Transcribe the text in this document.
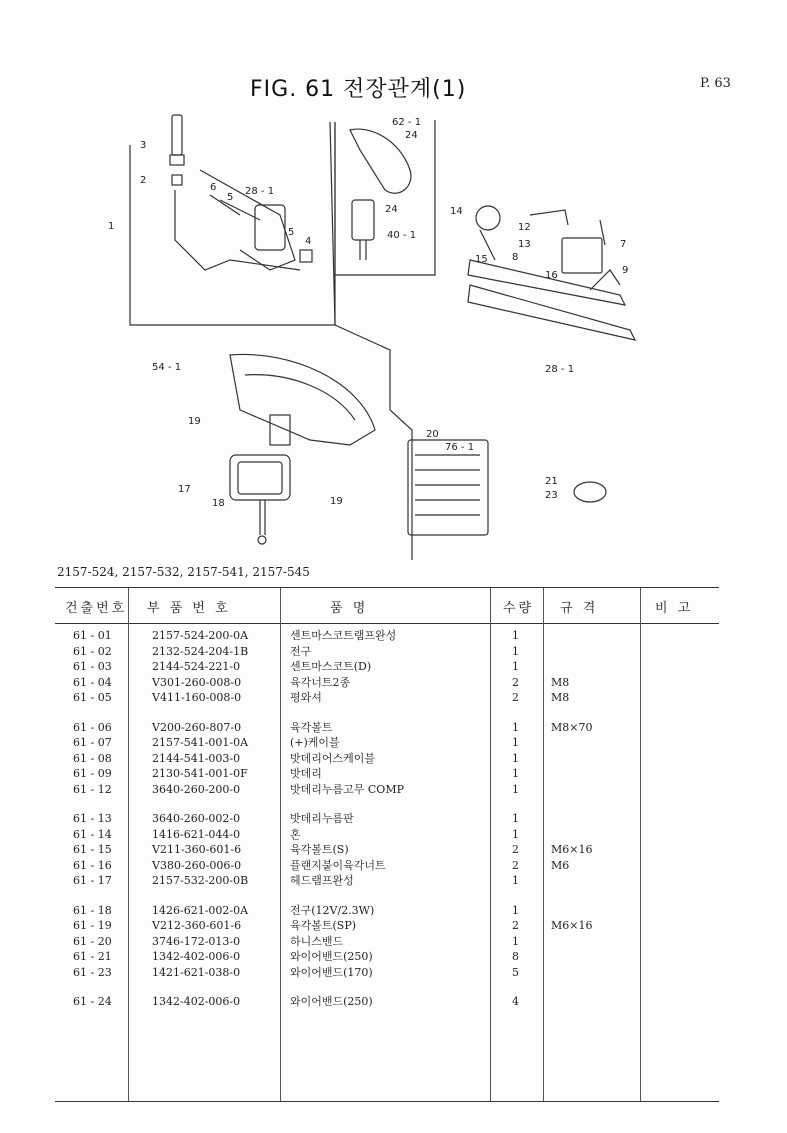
FIG. 61 전장관계(1)	P. 63
3
2
1
6
5
28 - 1
5
4
62 - 1
24
24
40 - 1
14
12
13
8
16
7
9
15
28 - 1
54 - 1
19
17
18	19
20
76 - 1
21
23
2157-524, 2157-532, 2157-541, 2157-545
건출번호 부 품 번 호	품 명	수량 규 격	비 고
61 - 01	2157-524-200-0A	센트마스코트램프완성	1
61 - 02	2132-524-204-1B	전구	1
61 - 03	2144-524-221-0	센트마스코트(D)	1
61 - 04	V301-260-008-0	육각너트2종	2	M8
61 - 05	V411-160-008-0	평와셔	2	M8
61 - 06	V200-260-807-0	육각볼트	1	M8×70
61 - 07	2157-541-001-0A	(+)케이블	1
61 - 08	2144-541-003-0	밧데리어스케이블	1
61 - 09	2130-541-001-0F	밧데리	1
61 - 12	3640-260-200-0	밧데리누름고무 COMP	1
61 - 13	3640-260-002-0	밧데리누름판	1
61 - 14	1416-621-044-0	혼	1
61 - 15	V211-360-601-6	육각볼트(S)	2	M6×16
61 - 16	V380-260-006-0	플랜지붙이육각너트	2	M6
61 - 17	2157-532-200-0B	헤드램프완성	1
61 - 18	1426-621-002-0A	전구(12V/2.3W)	1
61 - 19	V212-360-601-6	육각볼트(SP)	2	M6×16
61 - 20	3746-172-013-0	하니스밴드	1
61 - 21	1342-402-006-0	와이어밴드(250)	8
61 - 23	1421-621-038-0	와이어밴드(170)	5
61 - 24	1342-402-006-0	와이어밴드(250)	4
